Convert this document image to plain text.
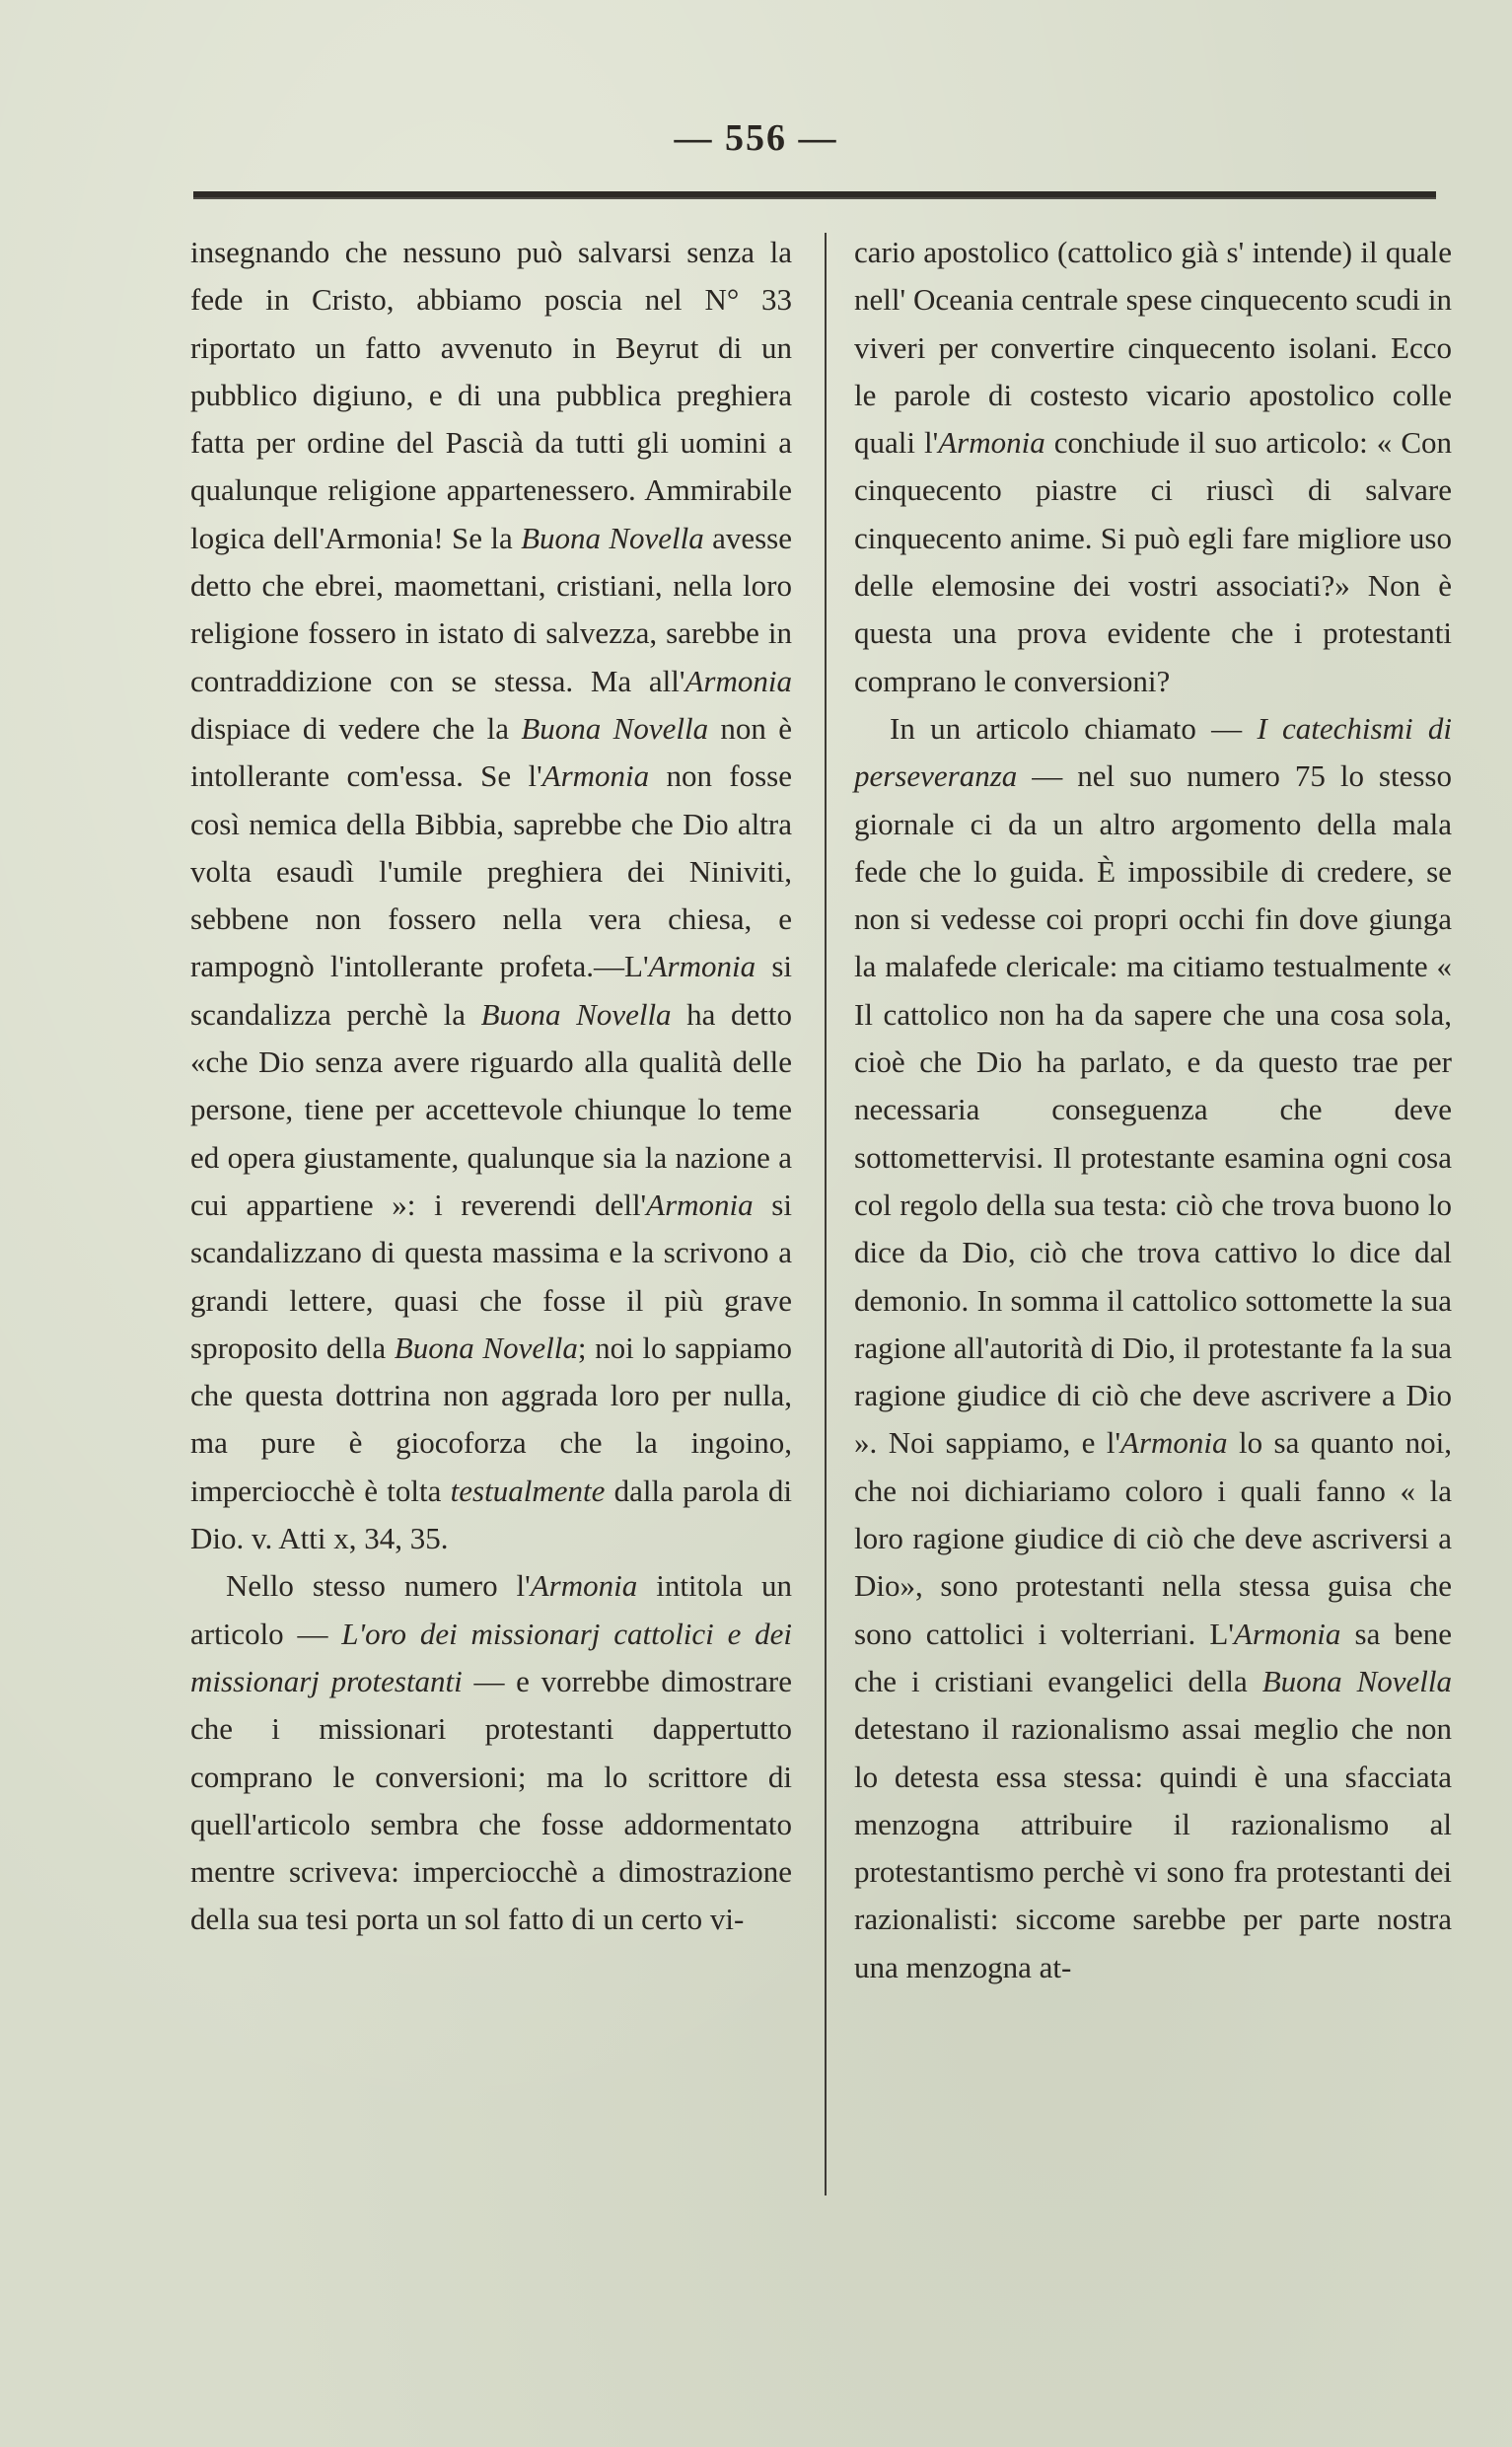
— 556 —

insegnando che nessuno può salvarsi senza la fede in Cristo, abbiamo poscia nel N° 33 riportato un fatto avvenuto in Beyrut di un pubblico digiuno, e di una pubblica preghiera fatta per ordine del Pascià da tutti gli uomini a qualunque religione appartenessero. Ammirabile logica dell'Armonia! Se la Buona Novella avesse detto che ebrei, maomettani, cristiani, nella loro religione fossero in istato di salvezza, sarebbe in contraddizione con se stessa. Ma all'Armonia dispiace di vedere che la Buona Novella non è intollerante com'essa. Se l'Armonia non fosse così nemica della Bibbia, saprebbe che Dio altra volta esaudì l'umile preghiera dei Niniviti, sebbene non fossero nella vera chiesa, e rampognò l'intollerante profeta.—L'Armonia si scandalizza perchè la Buona Novella ha detto «che Dio senza avere riguardo alla qualità delle persone, tiene per accettevole chiunque lo teme ed opera giustamente, qualunque sia la nazione a cui appartiene »: i reverendi dell'Armonia si scandalizzano di questa massima e la scrivono a grandi lettere, quasi che fosse il più grave sproposito della Buona Novella; noi lo sappiamo che questa dottrina non aggrada loro per nulla, ma pure è giocoforza che la ingoino, imperciocchè è tolta testualmente dalla parola di Dio. v. Atti x, 34, 35.

Nello stesso numero l'Armonia intitola un articolo — L'oro dei missionarj cattolici e dei missionarj protestanti — e vorrebbe dimostrare che i missionari protestanti dappertutto comprano le conversioni; ma lo scrittore di quell'articolo sembra che fosse addormentato mentre scriveva: imperciocchè a dimostrazione della sua tesi porta un sol fatto di un certo vi-

cario apostolico (cattolico già s' intende) il quale nell' Oceania centrale spese cinquecento scudi in viveri per convertire cinquecento isolani. Ecco le parole di costesto vicario apostolico colle quali l'Armonia conchiude il suo articolo: « Con cinquecento piastre ci riuscì di salvare cinquecento anime. Si può egli fare migliore uso delle elemosine dei vostri associati?» Non è questa una prova evidente che i protestanti comprano le conversioni?

In un articolo chiamato — I catechismi di perseveranza — nel suo numero 75 lo stesso giornale ci da un altro argomento della mala fede che lo guida. È impossibile di credere, se non si vedesse coi propri occhi fin dove giunga la malafede clericale: ma citiamo testualmente « Il cattolico non ha da sapere che una cosa sola, cioè che Dio ha parlato, e da questo trae per necessaria conseguenza che deve sottomettervisi. Il protestante esamina ogni cosa col regolo della sua testa: ciò che trova buono lo dice da Dio, ciò che trova cattivo lo dice dal demonio. In somma il cattolico sottomette la sua ragione all'autorità di Dio, il protestante fa la sua ragione giudice di ciò che deve ascrivere a Dio ». Noi sappiamo, e l'Armonia lo sa quanto noi, che noi dichiariamo coloro i quali fanno « la loro ragione giudice di ciò che deve ascriversi a Dio», sono protestanti nella stessa guisa che sono cattolici i volterriani. L'Armonia sa bene che i cristiani evangelici della Buona Novella detestano il razionalismo assai meglio che non lo detesta essa stessa: quindi è una sfacciata menzogna attribuire il razionalismo al protestantismo perchè vi sono fra protestanti dei razionalisti: siccome sarebbe per parte nostra una menzogna at-
